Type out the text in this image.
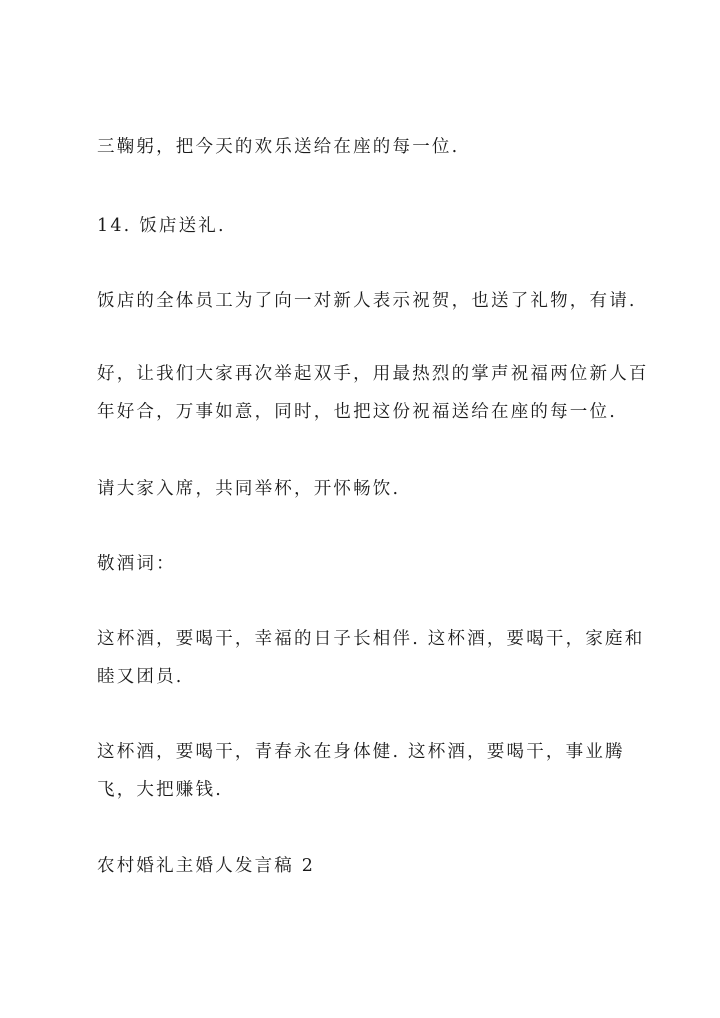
三鞠躬，把今天的欢乐送给在座的每一位.

14. 饭店送礼.

饭店的全体员工为了向一对新人表示祝贺，也送了礼物，有请.

好，让我们大家再次举起双手，用最热烈的掌声祝福两位新人百年好合，万事如意，同时，也把这份祝福送给在座的每一位.

请大家入席，共同举杯，开怀畅饮.

敬酒词：

这杯酒，要喝干，幸福的日子长相伴. 这杯酒，要喝干，家庭和睦又团员.

这杯酒，要喝干，青春永在身体健. 这杯酒，要喝干，事业腾飞，大把赚钱.

农村婚礼主婚人发言稿 2
